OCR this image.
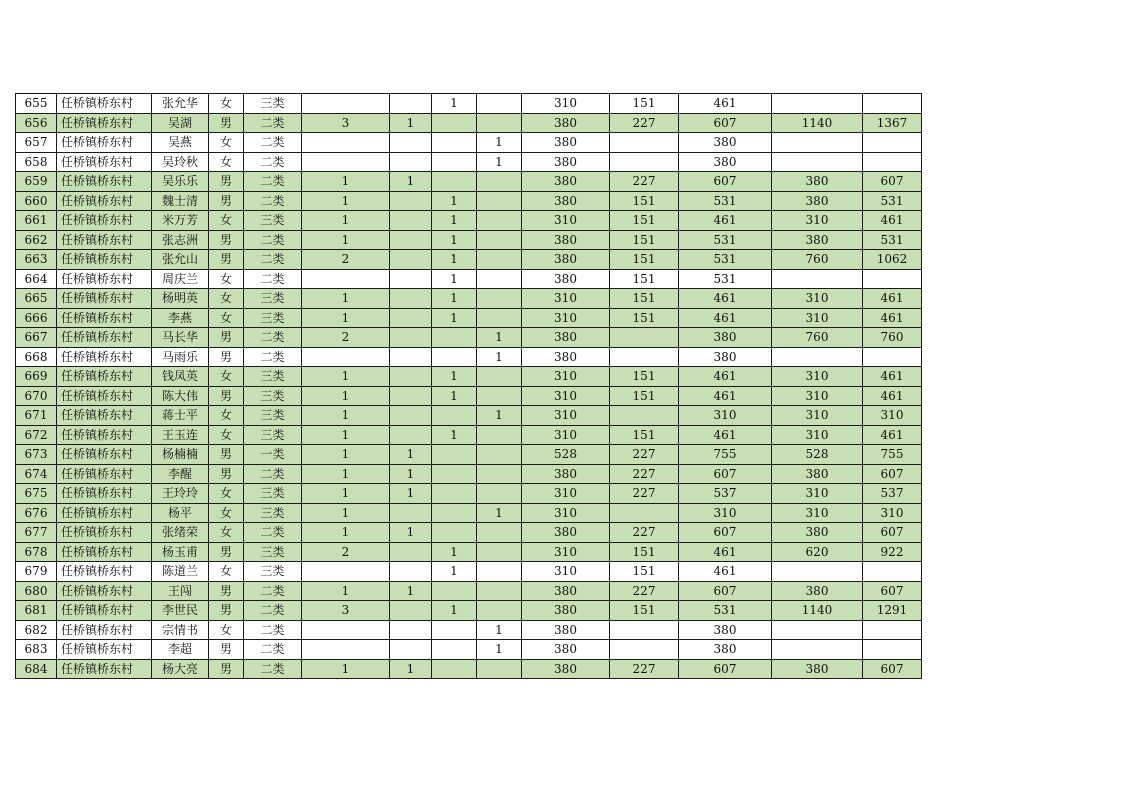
655	任桥镇桥东村	张允华	女	三类			1		310	151	461		
656	任桥镇桥东村	吴湖	男	二类	3	1			380	227	607	1140	1367
657	任桥镇桥东村	吴燕	女	二类				1	380		380		
658	任桥镇桥东村	吴玲秋	女	二类				1	380		380		
659	任桥镇桥东村	吴乐乐	男	二类	1	1			380	227	607	380	607
660	任桥镇桥东村	魏士清	男	二类	1		1		380	151	531	380	531
661	任桥镇桥东村	米万芳	女	三类	1		1		310	151	461	310	461
662	任桥镇桥东村	张志洲	男	二类	1		1		380	151	531	380	531
663	任桥镇桥东村	张允山	男	二类	2		1		380	151	531	760	1062
664	任桥镇桥东村	周庆兰	女	二类			1		380	151	531		
665	任桥镇桥东村	杨明英	女	三类	1		1		310	151	461	310	461
666	任桥镇桥东村	李燕	女	三类	1		1		310	151	461	310	461
667	任桥镇桥东村	马长华	男	二类	2			1	380		380	760	760
668	任桥镇桥东村	马雨乐	男	二类				1	380		380		
669	任桥镇桥东村	钱凤英	女	三类	1		1		310	151	461	310	461
670	任桥镇桥东村	陈大伟	男	三类	1		1		310	151	461	310	461
671	任桥镇桥东村	蒋士平	女	三类	1			1	310		310	310	310
672	任桥镇桥东村	王玉连	女	三类	1		1		310	151	461	310	461
673	任桥镇桥东村	杨楠楠	男	一类	1	1			528	227	755	528	755
674	任桥镇桥东村	李醒	男	二类	1	1			380	227	607	380	607
675	任桥镇桥东村	王玲玲	女	三类	1	1			310	227	537	310	537
676	任桥镇桥东村	杨平	女	三类	1			1	310		310	310	310
677	任桥镇桥东村	张绪荣	女	二类	1	1			380	227	607	380	607
678	任桥镇桥东村	杨玉甫	男	三类	2		1		310	151	461	620	922
679	任桥镇桥东村	陈道兰	女	三类			1		310	151	461		
680	任桥镇桥东村	王闯	男	二类	1	1			380	227	607	380	607
681	任桥镇桥东村	李世民	男	二类	3		1		380	151	531	1140	1291
682	任桥镇桥东村	宗情书	女	二类				1	380		380		
683	任桥镇桥东村	李超	男	二类				1	380		380		
684	任桥镇桥东村	杨大亮	男	二类	1	1			380	227	607	380	607
